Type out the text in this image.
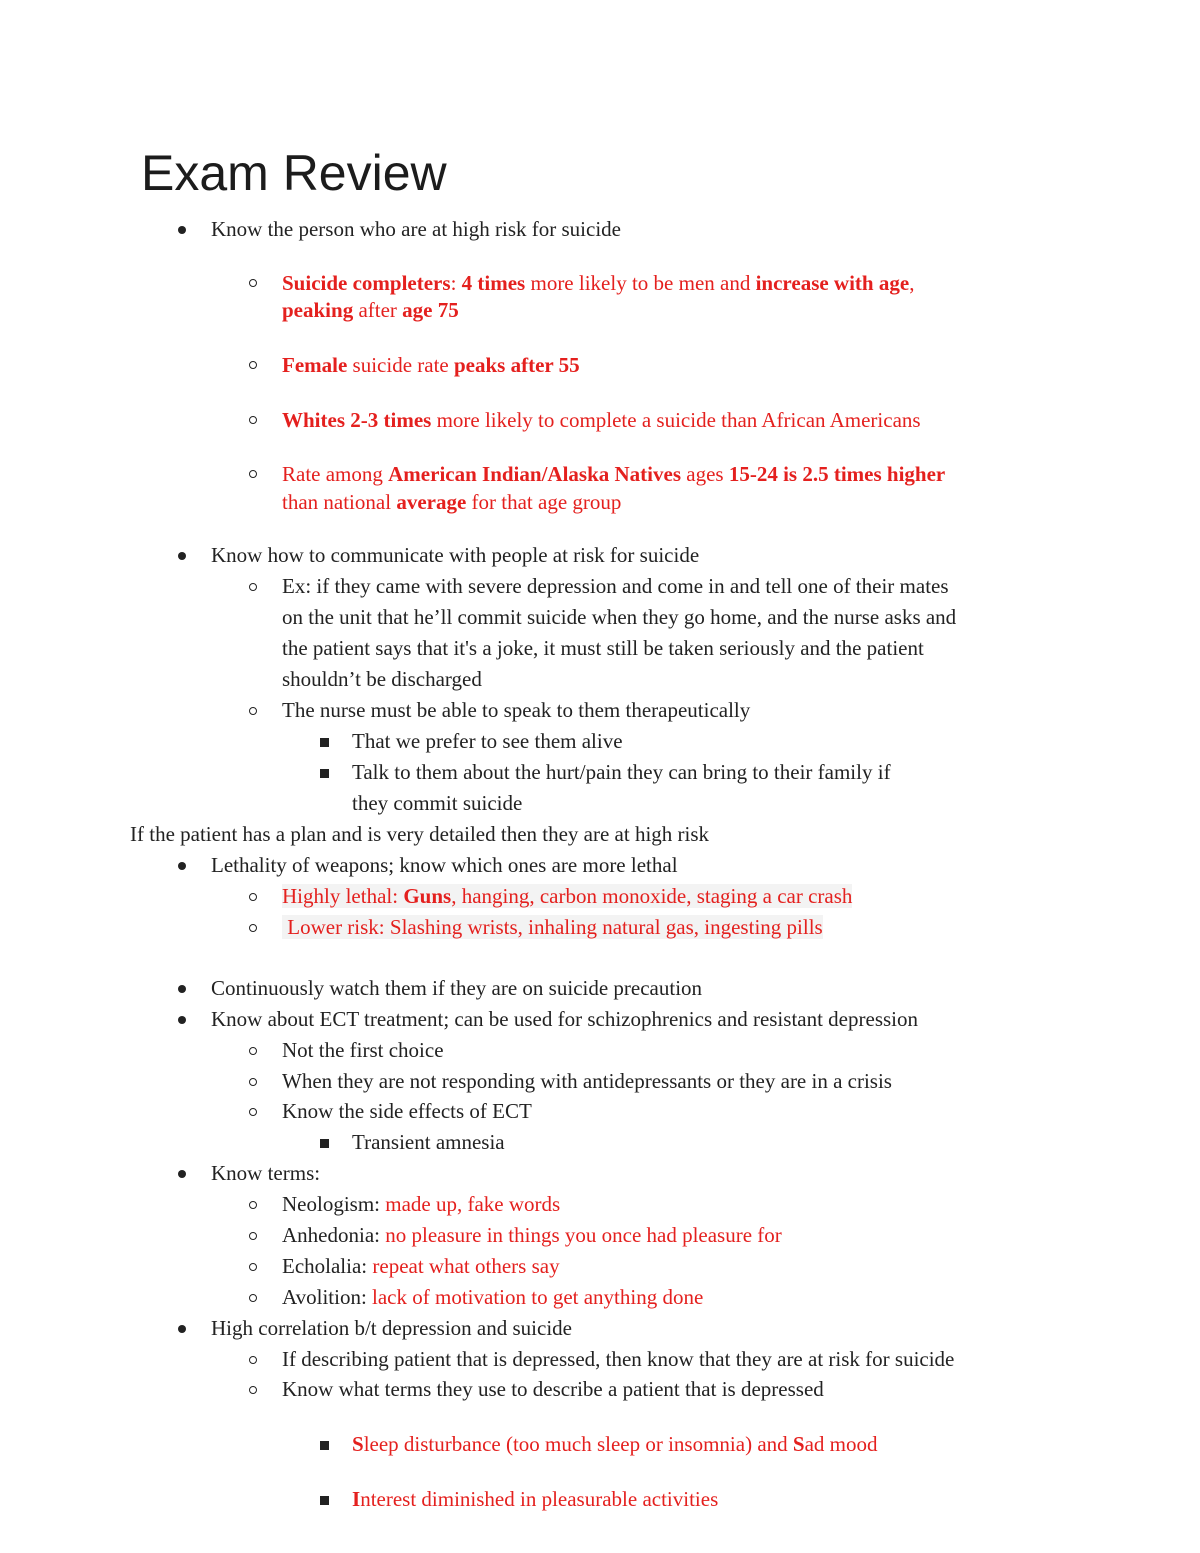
Exam Review
Know the person who are at high risk for suicide
Suicide completers: 4 times more likely to be men and increase with age,
peaking after age 75
Female suicide rate peaks after 55
Whites 2-3 times more likely to complete a suicide than African Americans
Rate among American Indian/Alaska Natives ages 15-24 is 2.5 times higher
than national average for that age group
Know how to communicate with people at risk for suicide
Ex: if they came with severe depression and come in and tell one of their mates
on the unit that he’ll commit suicide when they go home, and the nurse asks and
the patient says that it's a joke, it must still be taken seriously and the patient
shouldn’t be discharged
The nurse must be able to speak to them therapeutically
That we prefer to see them alive
Talk to them about the hurt/pain they can bring to their family if
they commit suicide
If the patient has a plan and is very detailed then they are at high risk
Lethality of weapons; know which ones are more lethal
Highly lethal: Guns, hanging, carbon monoxide, staging a car crash
Lower risk: Slashing wrists, inhaling natural gas, ingesting pills
Continuously watch them if they are on suicide precaution
Know about ECT treatment; can be used for schizophrenics and resistant depression
Not the first choice
When they are not responding with antidepressants or they are in a crisis
Know the side effects of ECT
Transient amnesia
Know terms:
Neologism: made up, fake words
Anhedonia: no pleasure in things you once had pleasure for
Echolalia: repeat what others say
Avolition: lack of motivation to get anything done
High correlation b/t depression and suicide
If describing patient that is depressed, then know that they are at risk for suicide
Know what terms they use to describe a patient that is depressed
Sleep disturbance (too much sleep or insomnia) and Sad mood
Interest diminished in pleasurable activities
